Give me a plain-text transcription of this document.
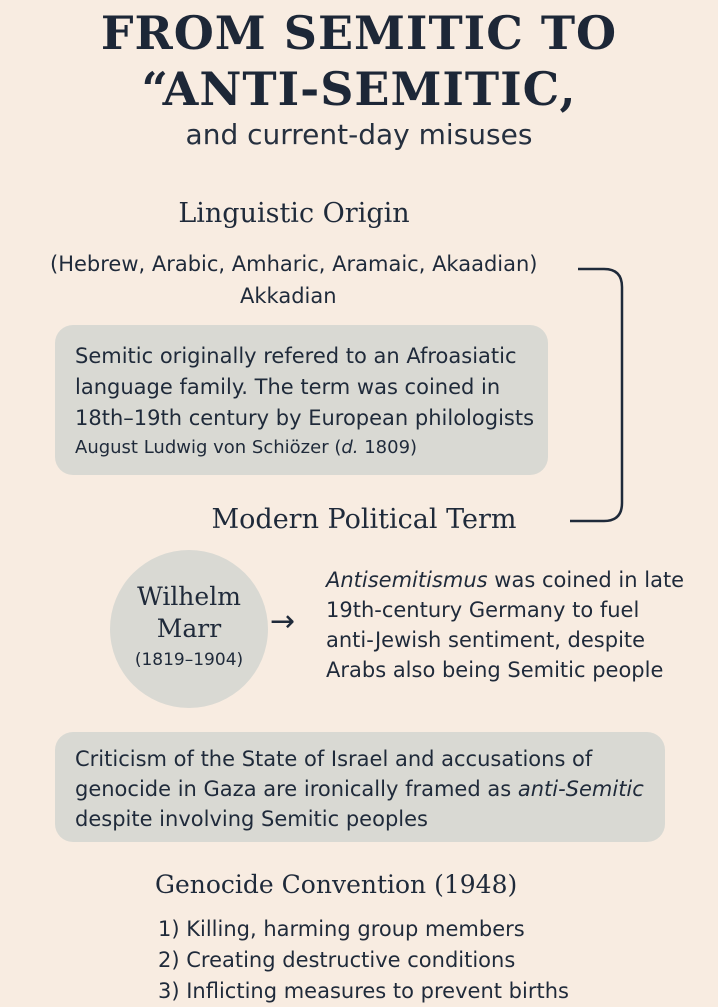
FROM SEMITIC TO
“ANTI-SEMITIC,
and current-day misuses
Linguistic Origin
(Hebrew, Arabic, Amharic, Aramaic, Akaadian)
Akkadian
Semitic originally refered to an Afroasiatic language family. The term was coined in 18th–19th century by European philologists
August Ludwig von Schiözer (d. 1809)
Modern Political Term
Wilhelm
Marr
(1819–1904)
→
Antisemitismus was coined in late 19th-century Germany to fuel anti-Jewish sentiment, despite Arabs also being Semitic people
Criticism of the State of Israel and accusations of genocide in Gaza are ironically framed as anti-Semitic despite involving Semitic peoples
Genocide Convention (1948)
1) Killing, harming group members
2) Creating destructive conditions
3) Inflicting measures to prevent births
